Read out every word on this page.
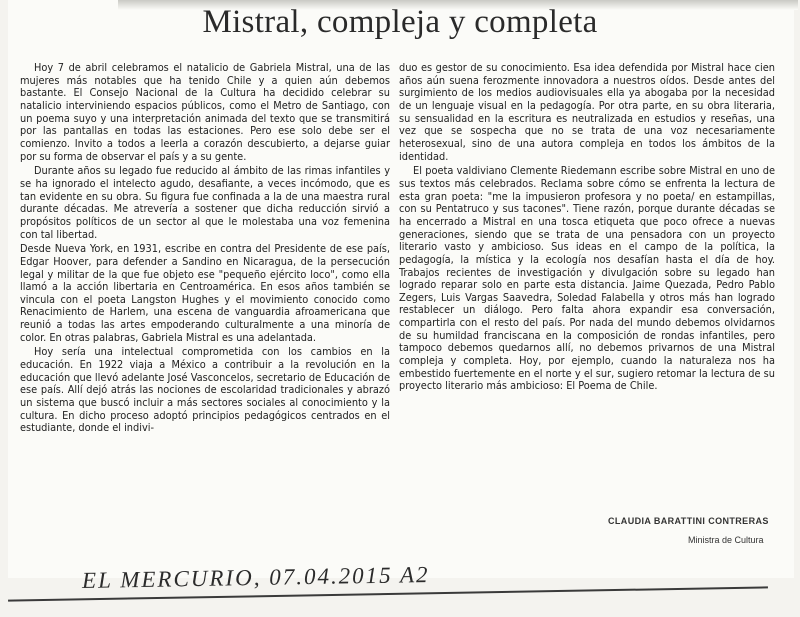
Mistral, compleja y completa

Hoy 7 de abril celebramos el natalicio de Gabriela Mistral, una de las mujeres más notables que ha tenido Chile y a quien aún debemos bastante. El Consejo Nacional de la Cultura ha decidido celebrar su natalicio interviniendo espacios públicos, como el Metro de Santiago, con un poema suyo y una interpretación animada del texto que se transmitirá por las pantallas en todas las estaciones. Pero ese solo debe ser el comienzo. Invito a todos a leerla a corazón descubierto, a dejarse guiar por su forma de observar el país y a su gente.

Durante años su legado fue reducido al ámbito de las rimas infantiles y se ha ignorado el intelecto agudo, desafiante, a veces incómodo, que es tan evidente en su obra. Su figura fue confinada a la de una maestra rural durante décadas. Me atrevería a sostener que dicha reducción sirvió a propósitos políticos de un sector al que le molestaba una voz femenina con tal libertad.

Desde Nueva York, en 1931, escribe en contra del Presidente de ese país, Edgar Hoover, para defender a Sandino en Nicaragua, de la persecución legal y militar de la que fue objeto ese "pequeño ejército loco", como ella llamó a la acción libertaria en Centroamérica. En esos años también se vincula con el poeta Langston Hughes y el movimiento conocido como Renacimiento de Harlem, una escena de vanguardia afroamericana que reunió a todas las artes empoderando culturalmente a una minoría de color. En otras palabras, Gabriela Mistral es una adelantada.

Hoy sería una intelectual comprometida con los cambios en la educación. En 1922 viaja a México a contribuir a la revolución en la educación que llevó adelante José Vasconcelos, secretario de Educación de ese país. Allí dejó atrás las nociones de escolaridad tradicionales y abrazó un sistema que buscó incluir a más sectores sociales al conocimiento y la cultura. En dicho proceso adoptó principios pedagógicos centrados en el estudiante, donde el indivi-

duo es gestor de su conocimiento. Esa idea defendida por Mistral hace cien años aún suena ferozmente innovadora a nuestros oídos. Desde antes del surgimiento de los medios audiovisuales ella ya abogaba por la necesidad de un lenguaje visual en la pedagogía. Por otra parte, en su obra literaria, su sensualidad en la escritura es neutralizada en estudios y reseñas, una vez que se sospecha que no se trata de una voz necesariamente heterosexual, sino de una autora compleja en todos los ámbitos de la identidad.

El poeta valdiviano Clemente Riedemann escribe sobre Mistral en uno de sus textos más celebrados. Reclama sobre cómo se enfrenta la lectura de esta gran poeta: "me la impusieron profesora y no poeta/ en estampillas, con su Pentatruco y sus tacones". Tiene razón, porque durante décadas se ha encerrado a Mistral en una tosca etiqueta que poco ofrece a nuevas generaciones, siendo que se trata de una pensadora con un proyecto literario vasto y ambicioso. Sus ideas en el campo de la política, la pedagogía, la mística y la ecología nos desafían hasta el día de hoy. Trabajos recientes de investigación y divulgación sobre su legado han logrado reparar solo en parte esta distancia. Jaime Quezada, Pedro Pablo Zegers, Luis Vargas Saavedra, Soledad Falabella y otros más han logrado restablecer un diálogo. Pero falta ahora expandir esa conversación, compartirla con el resto del país. Por nada del mundo debemos olvidarnos de su humildad franciscana en la composición de rondas infantiles, pero tampoco debemos quedarnos allí, no debemos privarnos de una Mistral compleja y completa. Hoy, por ejemplo, cuando la naturaleza nos ha embestido fuertemente en el norte y el sur, sugiero retomar la lectura de su proyecto literario más ambicioso: El Poema de Chile.

CLAUDIA BARATTINI CONTRERAS
Ministra de Cultura
EL MERCURIO, 07.04.2015 A2
